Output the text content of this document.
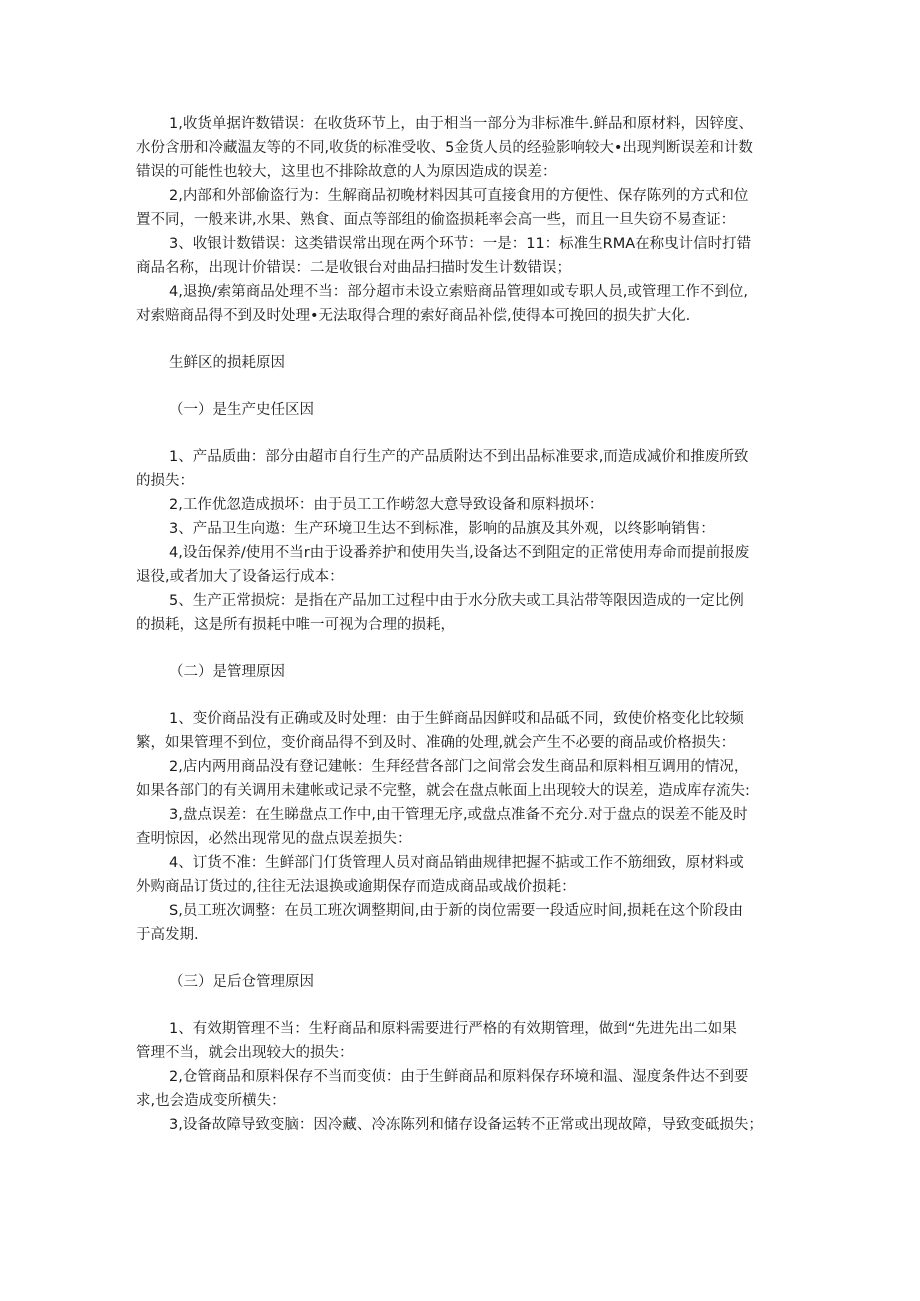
1,收货单据许数错误：在收货环节上，由于相当一部分为非标准牛.鲜品和原材料，因锌度、
水份含册和冷藏温友等的不同,收货的标准受收、5金货人员的经验影响较大•出现判断误差和计数
错误的可能性也较大，这里也不排除故意的人为原因造成的误差：

2,内部和外部偷盗行为：生解商品初晚材料因其可直接食用的方便性、保存陈列的方式和位
置不同，一般来讲,水果、熟食、面点等部组的偷盗损耗率会高一些，而且一旦失窃不易查证：

3、收银计数错误：这类错误常出现在两个环节：一是：11：标准生RMA在称曳计信时打错
商品名称，出现计价错误：二是收银台对曲品扫描时发生计数错误；

4,退换/索第商品处理不当：部分超市未设立索赔商品管理如或专职人员,或管理工作不到位,
对索赔商品得不到及时处理•无法取得合理的索好商品补偿,使得本可挽回的损失扩大化.

生鲜区的损耗原因

（一）是生产史任区因

1、产品质曲：部分由超市自行生产的产品质附达不到出品标准要求,而造成减价和推废所致
的损失：

2,工作优忽造成损坏：由于员工工作崂忽大意导致设备和原料损坏：

3、产品卫生向遨：生产环境卫生达不到标准，影响的品旗及其外观，以终影响销售：

4,设缶保养/使用不当r由于设番养护和使用失当,设备达不到阻定的正常使用寿命而提前报废
退役,或者加大了设备运行成本：

5、生产正常损烷：是指在产品加工过程中由于水分欣夫或工具沾带等限因造成的一定比例
的损耗，这是所有损耗中唯一可视为合理的损耗，

（二）是管理原因

1、变价商品没有正确或及时处理：由于生鲜商品因鲜哎和品砥不同，致使价格变化比较频
繁，如果管理不到位，变价商品得不到及时、准确的处理,就会产生不必要的商品或价格损失：

2,店内两用商品没有登记建帐：生拜经营各部门之间常会发生商品和原料相互调用的情况，
如果各部门的有关调用未建帐或记录不完整，就会在盘点帐面上出现较大的误差，造成库存流失:

3,盘点误差：在生睇盘点工作中,由干管理无序,或盘点准备不充分.对于盘点的误差不能及时
查明惊因，必然出现常见的盘点误差损失：

4、订货不准：生鲜部门仃货管理人员对商品销曲规律把握不掂或工作不筋细致，原材料或
外购商品订货过的,往往无法退换或逾期保存而造成商品或战价损耗：

S,员工班次调整：在员工班次调整期间,由于新的岗位需要一段适应时间,损耗在这个阶段由
于高发期.

（三）足后仓管理原因

1、有效期管理不当：生籽商品和原料需要进行严格的有效期管理，做到“先进先出二如果
管理不当，就会出现较大的损失：

2,仓管商品和原料保存不当而变侦：由于生鲜商品和原料保存环境和温、湿度条件达不到要
求,也会造成变所横失：

3,设备故障导致变脑：因冷藏、冷冻陈列和储存设备运转不正常或出现故障，导致变砥损失；
